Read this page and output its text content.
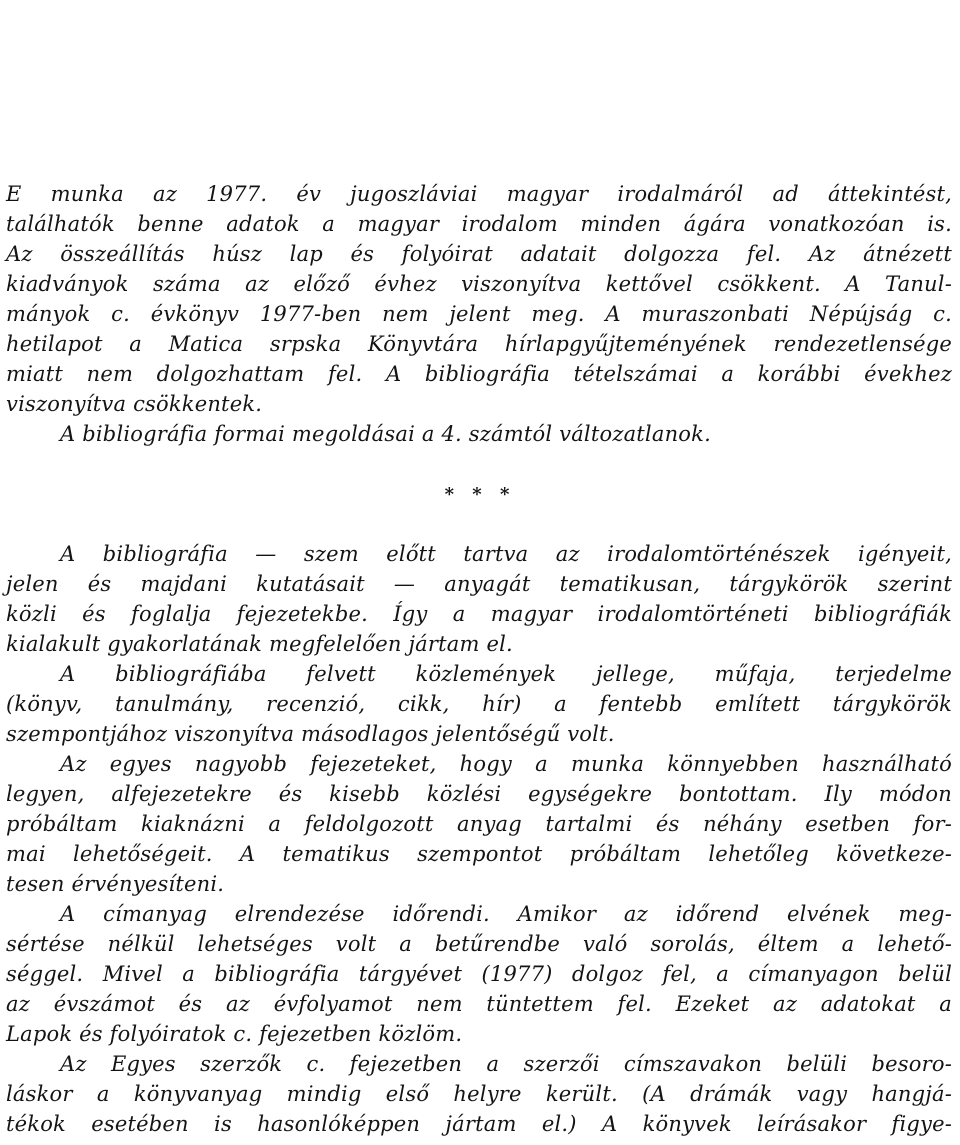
E munka az 1977. év jugoszláviai magyar irodalmáról ad áttekintést,
találhatók benne adatok a magyar irodalom minden ágára vonatkozóan is.
Az összeállítás húsz lap és folyóirat adatait dolgozza fel. Az átnézett
kiadványok száma az előző évhez viszonyítva kettővel csökkent. A Tanul-
mányok c. évkönyv 1977-ben nem jelent meg. A muraszonbati Népújság c.
hetilapot a Matica srpska Könyvtára hírlapgyűjteményének rendezetlensége
miatt nem dolgozhattam fel. A bibliográfia tételszámai a korábbi évekhez
viszonyítva csökkentek.
A bibliográfia formai megoldásai a 4. számtól változatlanok.
* * *
A bibliográfia — szem előtt tartva az irodalomtörténészek igényeit,
jelen és majdani kutatásait — anyagát tematikusan, tárgykörök szerint
közli és foglalja fejezetekbe. Így a magyar irodalomtörténeti bibliográfiák
kialakult gyakorlatának megfelelően jártam el.
A bibliográfiába felvett közlemények jellege, műfaja, terjedelme
(könyv, tanulmány, recenzió, cikk, hír) a fentebb említett tárgykörök
szempontjához viszonyítva másodlagos jelentőségű volt.
Az egyes nagyobb fejezeteket, hogy a munka könnyebben használható
legyen, alfejezetekre és kisebb közlési egységekre bontottam. Ily módon
próbáltam kiaknázni a feldolgozott anyag tartalmi és néhány esetben for-
mai lehetőségeit. A tematikus szempontot próbáltam lehetőleg következe-
tesen érvényesíteni.
A címanyag elrendezése időrendi. Amikor az időrend elvének meg-
sértése nélkül lehetséges volt a betűrendbe való sorolás, éltem a lehető-
séggel. Mivel a bibliográfia tárgyévet (1977) dolgoz fel, a címanyagon belül
az évszámot és az évfolyamot nem tüntettem fel. Ezeket az adatokat a
Lapok és folyóiratok c. fejezetben közlöm.
Az Egyes szerzők c. fejezetben a szerzői címszavakon belüli besoro-
láskor a könyvanyag mindig első helyre került. (A drámák vagy hangjá-
tékok esetében is hasonlóképpen jártam el.) A könyvek leírásakor figye-
